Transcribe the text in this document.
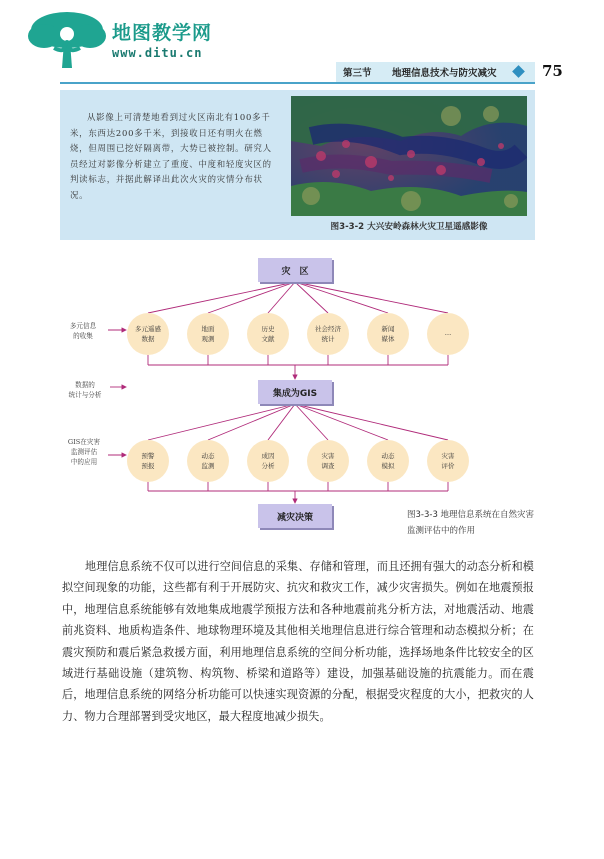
地图教学网
www.ditu.cn
第三节 地理信息技术与防灾减灾	75
从影像上可清楚地看到过火区南北有100多千米，东西达200多千米，到接收日还有明火在燃烧，但周围已挖好隔离带，大势已被控制。研究人员经过对影像分析建立了重度、中度和轻度灾区的判读标志，并据此解译出此次火灾的灾情分布状况。
图3-3-2 大兴安岭森林火灾卫星遥感影像
灾　区
集成为GIS
减灾决策
多元遥感
数据
地面
观测
历史
文献
社会经济
统计
新闻
媒体
…
预警
预报
动态
监测
成因
分析
灾害
调查
动态
模拟
灾害
评价
多元信息
的收集
数据的
统计与分析
GIS在灾害
监测评估
中的应用
图3-3-3 地理信息系统在自然灾害监测评估中的作用
地理信息系统不仅可以进行空间信息的采集、存储和管理，而且还拥有强大的动态分析和模拟空间现象的功能，这些都有利于开展防灾、抗灾和救灾工作，减少灾害损失。例如在地震预报中，地理信息系统能够有效地集成地震学预报方法和各种地震前兆分析方法，对地震活动、地震前兆资料、地质构造条件、地球物理环境及其他相关地理信息进行综合管理和动态模拟分析；在震灾预防和震后紧急救援方面，利用地理信息系统的空间分析功能，选择场地条件比较安全的区域进行基础设施（建筑物、构筑物、桥梁和道路等）建设，加强基础设施的抗震能力。而在震后，地理信息系统的网络分析功能可以快速实现资源的分配，根据受灾程度的大小，把救灾的人力、物力合理部署到受灾地区，最大程度地减少损失。
